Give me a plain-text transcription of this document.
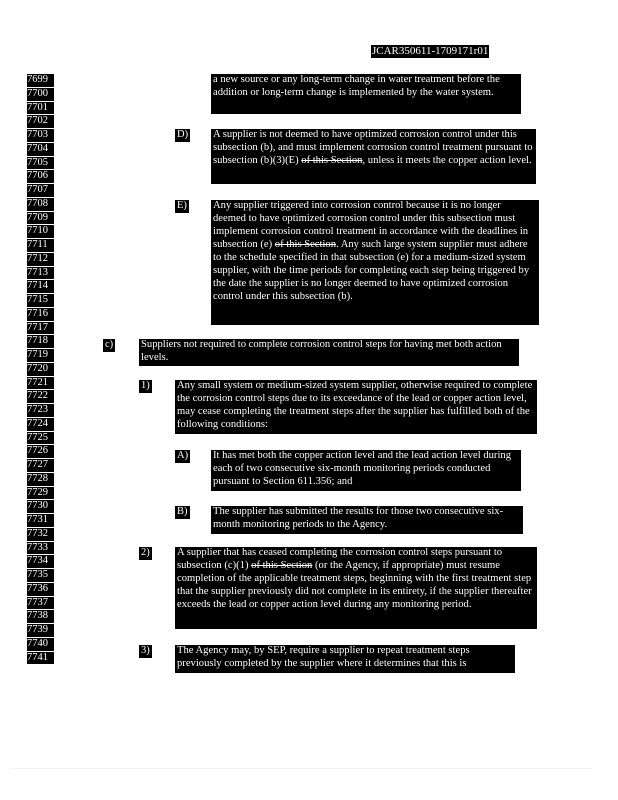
JCAR350611-1709171r01
7699
7700
7701
7702
7703
7704
7705
7706
7707
7708
7709
7710
7711
7712
7713
7714
7715
7716
7717
7718
7719
7720
7721
7722
7723
7724
7725
7726
7727
7728
7729
7730
7731
7732
7733
7734
7735
7736
7737
7738
7739
7740
7741
a new source or any long-term change in water treatment before the addition or long-term change is implemented by the water system.
D) A supplier is not deemed to have optimized corrosion control under this subsection (b), and must implement corrosion control treatment pursuant to subsection (b)(3)(E) of this Section, unless it meets the copper action level.
E) Any supplier triggered into corrosion control because it is no longer deemed to have optimized corrosion control under this subsection must implement corrosion control treatment in accordance with the deadlines in subsection (e) of this Section. Any such large system supplier must adhere to the schedule specified in that subsection (e) for a medium-sized system supplier, with the time periods for completing each step being triggered by the date the supplier is no longer deemed to have optimized corrosion control under this subsection (b).
c)	Suppliers not required to complete corrosion control steps for having met both action levels.
1)	Any small system or medium-sized system supplier, otherwise required to complete the corrosion control steps due to its exceedance of the lead or copper action level, may cease completing the treatment steps after the supplier has fulfilled both of the following conditions:
A) It has met both the copper action level and the lead action level during each of two consecutive six-month monitoring periods conducted pursuant to Section 611.356; and
B) The supplier has submitted the results for those two consecutive six-month monitoring periods to the Agency.
2)	A supplier that has ceased completing the corrosion control steps pursuant to subsection (c)(1) of this Section (or the Agency, if appropriate) must resume completion of the applicable treatment steps, beginning with the first treatment step that the supplier previously did not complete in its entirety, if the supplier thereafter exceeds the lead or copper action level during any monitoring period.
3)	The Agency may, by SEP, require a supplier to repeat treatment steps previously completed by the supplier where it determines that this is
